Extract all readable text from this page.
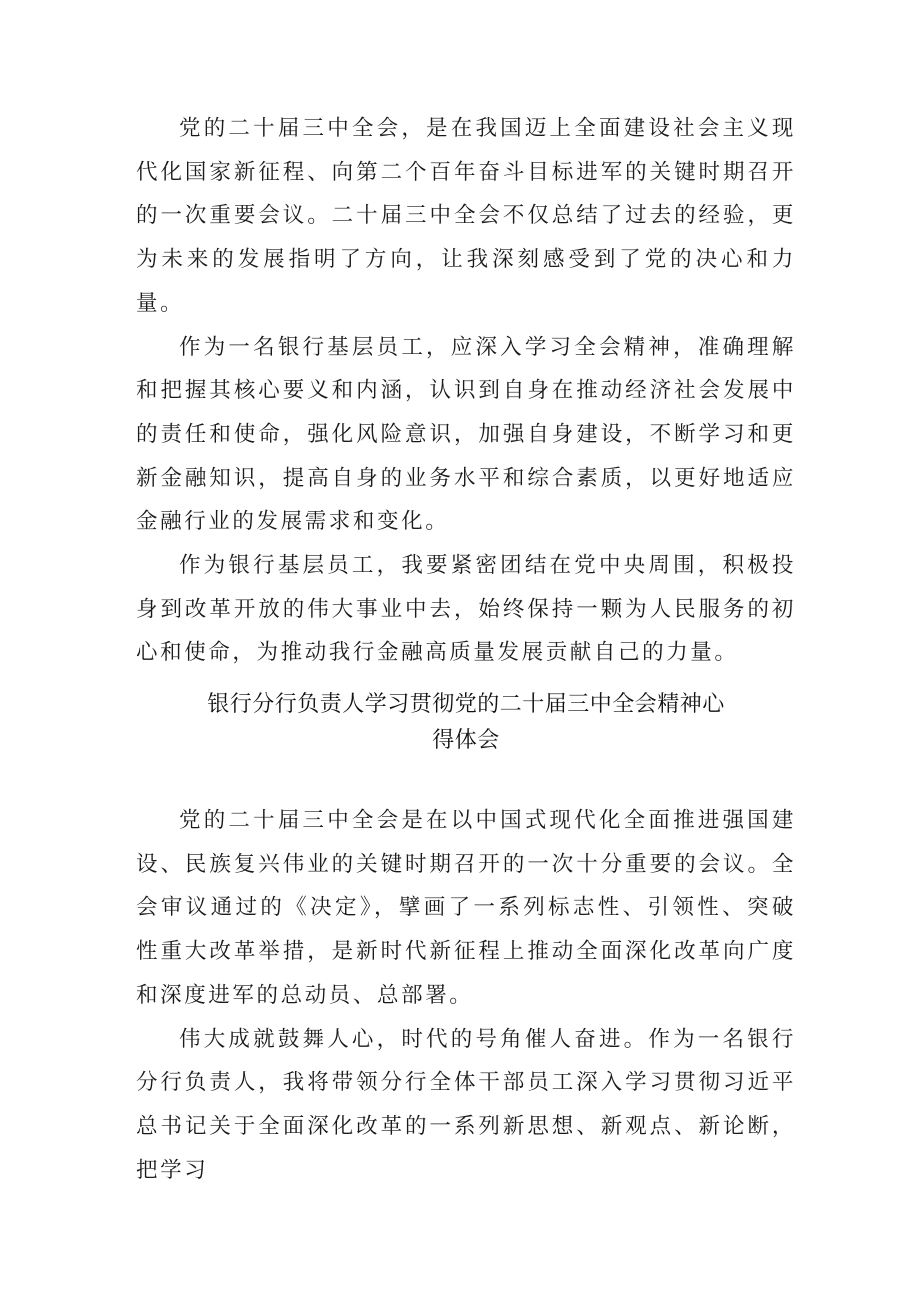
党的二十届三中全会，是在我国迈上全面建设社会主义现代化国家新征程、向第二个百年奋斗目标进军的关键时期召开的一次重要会议。二十届三中全会不仅总结了过去的经验，更为未来的发展指明了方向，让我深刻感受到了党的决心和力量。

作为一名银行基层员工，应深入学习全会精神，准确理解和把握其核心要义和内涵，认识到自身在推动经济社会发展中的责任和使命，强化风险意识，加强自身建设，不断学习和更新金融知识，提高自身的业务水平和综合素质，以更好地适应金融行业的发展需求和变化。

作为银行基层员工，我要紧密团结在党中央周围，积极投身到改革开放的伟大事业中去，始终保持一颗为人民服务的初心和使命，为推动我行金融高质量发展贡献自己的力量。

银行分行负责人学习贯彻党的二十届三中全会精神心
得体会

党的二十届三中全会是在以中国式现代化全面推进强国建设、民族复兴伟业的关键时期召开的一次十分重要的会议。全会审议通过的《决定》，擘画了一系列标志性、引领性、突破性重大改革举措，是新时代新征程上推动全面深化改革向广度和深度进军的总动员、总部署。

伟大成就鼓舞人心，时代的号角催人奋进。作为一名银行分行负责人，我将带领分行全体干部员工深入学习贯彻习近平总书记关于全面深化改革的一系列新思想、新观点、新论断，把学习
